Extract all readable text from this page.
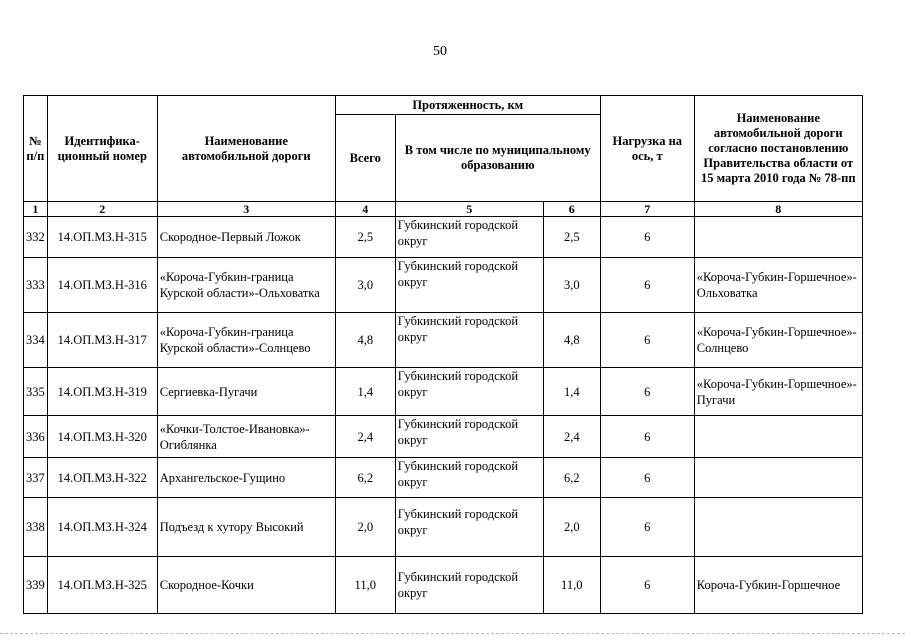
50
№ п/п	Идентифика-ционный номер	Наименование автомобильной дороги	Протяженность, км			Нагрузка на ось, т	Наименование автомобильной дороги согласно постановлению Правительства области от 15 марта 2010 года № 78-пп
			Всего	В том числе по муниципальному образованию			
1	2	3	4	5	6	7	8
332	14.ОП.МЗ.Н-315	Скородное-Первый Ложок	2,5	Губкинский городской округ	2,5	6	
333	14.ОП.МЗ.Н-316	«Короча-Губкин-граница Курской области»-Ольховатка	3,0	Губкинский городской округ	3,0	6	«Короча-Губкин-Горшечное»-Ольховатка
334	14.ОП.МЗ.Н-317	«Короча-Губкин-граница Курской области»-Солнцево	4,8	Губкинский городской округ	4,8	6	«Короча-Губкин-Горшечное»-Солнцево
335	14.ОП.МЗ.Н-319	Сергиевка-Пугачи	1,4	Губкинский городской округ	1,4	6	«Короча-Губкин-Горшечное»-Пугачи
336	14.ОП.МЗ.Н-320	«Кочки-Толстое-Ивановка»-Огиблянка	2,4	Губкинский городской округ	2,4	6	
337	14.ОП.МЗ.Н-322	Архангельское-Гущино	6,2	Губкинский городской округ	6,2	6	
338	14.ОП.МЗ.Н-324	Подъезд к хутору Высокий	2,0	Губкинский городской округ	2,0	6	
339	14.ОП.МЗ.Н-325	Скородное-Кочки	11,0	Губкинский городской округ	11,0	6	Короча-Губкин-Горшечное
